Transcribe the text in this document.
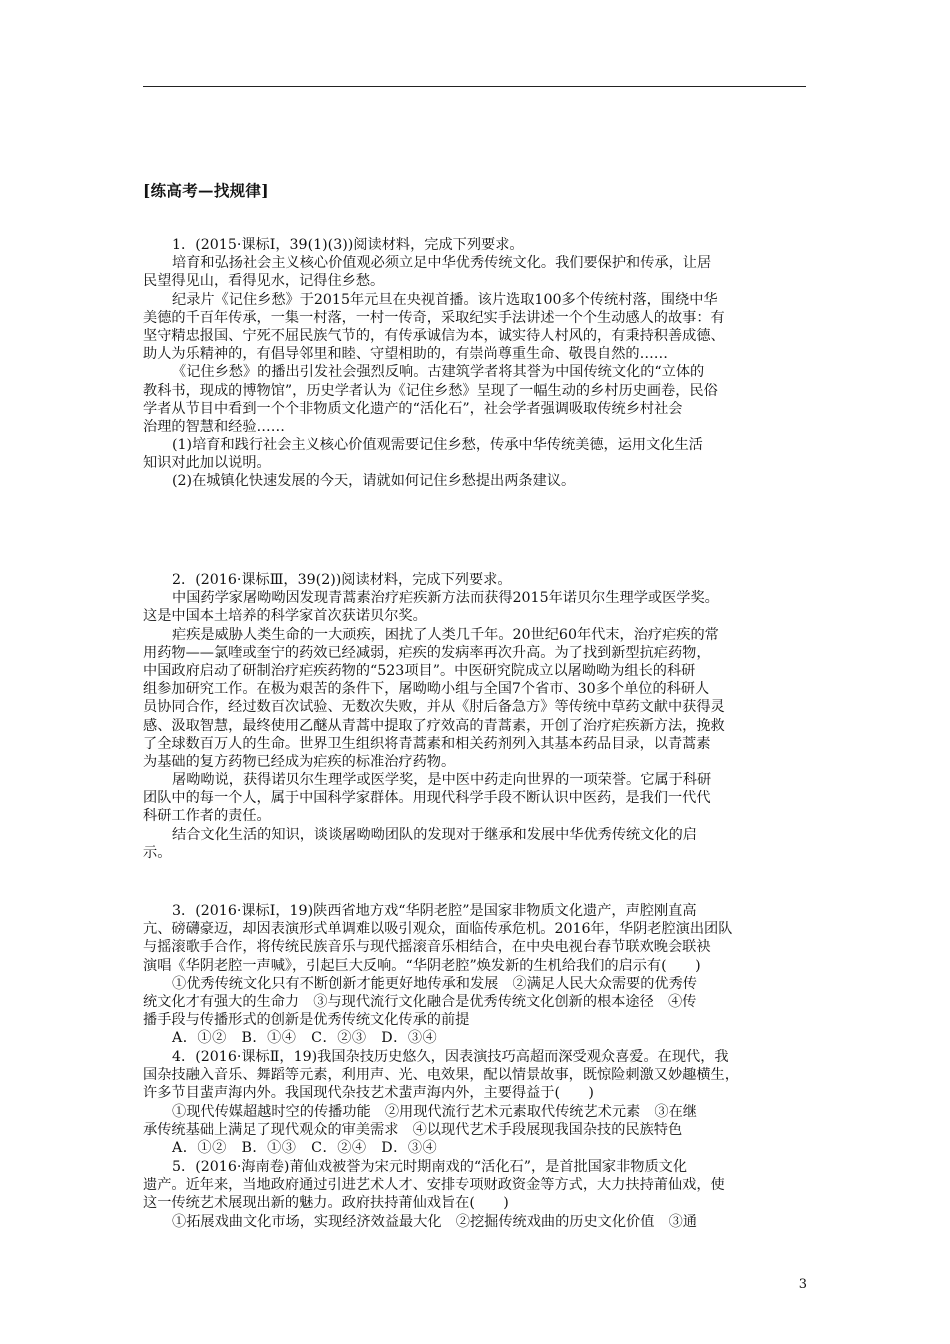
[练高考—找规律]
1．(2015·课标Ⅰ，39(1)(3))阅读材料，完成下列要求。
培育和弘扬社会主义核心价值观必须立足中华优秀传统文化。我们要保护和传承，让居
民望得见山，看得见水，记得住乡愁。
纪录片《记住乡愁》于2015年元旦在央视首播。该片选取100多个传统村落，围绕中华
美德的千百年传承，一集一村落，一村一传奇，采取纪实手法讲述一个个生动感人的故事：有
坚守精忠报国、宁死不屈民族气节的，有传承诚信为本，诚实待人村风的，有秉持积善成德、
助人为乐精神的，有倡导邻里和睦、守望相助的，有崇尚尊重生命、敬畏自然的……
《记住乡愁》的播出引发社会强烈反响。古建筑学者将其誉为中国传统文化的“立体的
教科书，现成的博物馆”，历史学者认为《记住乡愁》呈现了一幅生动的乡村历史画卷，民俗
学者从节目中看到一个个非物质文化遗产的“活化石”，社会学者强调吸取传统乡村社会
治理的智慧和经验……
(1)培育和践行社会主义核心价值观需要记住乡愁，传承中华传统美德，运用文化生活
知识对此加以说明。
(2)在城镇化快速发展的今天，请就如何记住乡愁提出两条建议。
2．(2016·课标Ⅲ，39(2))阅读材料，完成下列要求。
中国药学家屠呦呦因发现青蒿素治疗疟疾新方法而获得2015年诺贝尔生理学或医学奖。
这是中国本土培养的科学家首次获诺贝尔奖。
疟疾是威胁人类生命的一大顽疾，困扰了人类几千年。20世纪60年代末，治疗疟疾的常
用药物——氯喹或奎宁的药效已经减弱，疟疾的发病率再次升高。为了找到新型抗疟药物，
中国政府启动了研制治疗疟疾药物的“523项目”。中医研究院成立以屠呦呦为组长的科研
组参加研究工作。在极为艰苦的条件下，屠呦呦小组与全国7个省市、30多个单位的科研人
员协同合作，经过数百次试验、无数次失败，并从《肘后备急方》等传统中草药文献中获得灵
感、汲取智慧，最终使用乙醚从青蒿中提取了疗效高的青蒿素，开创了治疗疟疾新方法，挽救
了全球数百万人的生命。世界卫生组织将青蒿素和相关药剂列入其基本药品目录，以青蒿素
为基础的复方药物已经成为疟疾的标准治疗药物。
屠呦呦说，获得诺贝尔生理学或医学奖，是中医中药走向世界的一项荣誉。它属于科研
团队中的每一个人，属于中国科学家群体。用现代科学手段不断认识中医药，是我们一代代
科研工作者的责任。
结合文化生活的知识，谈谈屠呦呦团队的发现对于继承和发展中华优秀传统文化的启
示。
3．(2016·课标Ⅰ，19)陕西省地方戏“华阴老腔”是国家非物质文化遗产，声腔刚直高
亢、磅礴豪迈，却因表演形式单调难以吸引观众，面临传承危机。2016年，华阴老腔演出团队
与摇滚歌手合作，将传统民族音乐与现代摇滚音乐相结合，在中央电视台春节联欢晚会联袂
演唱《华阴老腔一声喊》，引起巨大反响。“华阴老腔”焕发新的生机给我们的启示有(　　)
①优秀传统文化只有不断创新才能更好地传承和发展　②满足人民大众需要的优秀传
统文化才有强大的生命力　③与现代流行文化融合是优秀传统文化创新的根本途径　④传
播手段与传播形式的创新是优秀传统文化传承的前提
A．①②　B．①④　C．②③　D．③④
4．(2016·课标Ⅱ，19)我国杂技历史悠久，因表演技巧高超而深受观众喜爱。在现代，我
国杂技融入音乐、舞蹈等元素，利用声、光、电效果，配以情景故事，既惊险刺激又妙趣横生，
许多节目蜚声海内外。我国现代杂技艺术蜚声海内外，主要得益于(　　)
①现代传媒超越时空的传播功能　②用现代流行艺术元素取代传统艺术元素　③在继
承传统基础上满足了现代观众的审美需求　④以现代艺术手段展现我国杂技的民族特色
A．①②　B．①③　C．②④　D．③④
5．(2016·海南卷)莆仙戏被誉为宋元时期南戏的“活化石”，是首批国家非物质文化
遗产。近年来，当地政府通过引进艺术人才、安排专项财政资金等方式，大力扶持莆仙戏，使
这一传统艺术展现出新的魅力。政府扶持莆仙戏旨在(　　)
①拓展戏曲文化市场，实现经济效益最大化　②挖掘传统戏曲的历史文化价值　③通
3
